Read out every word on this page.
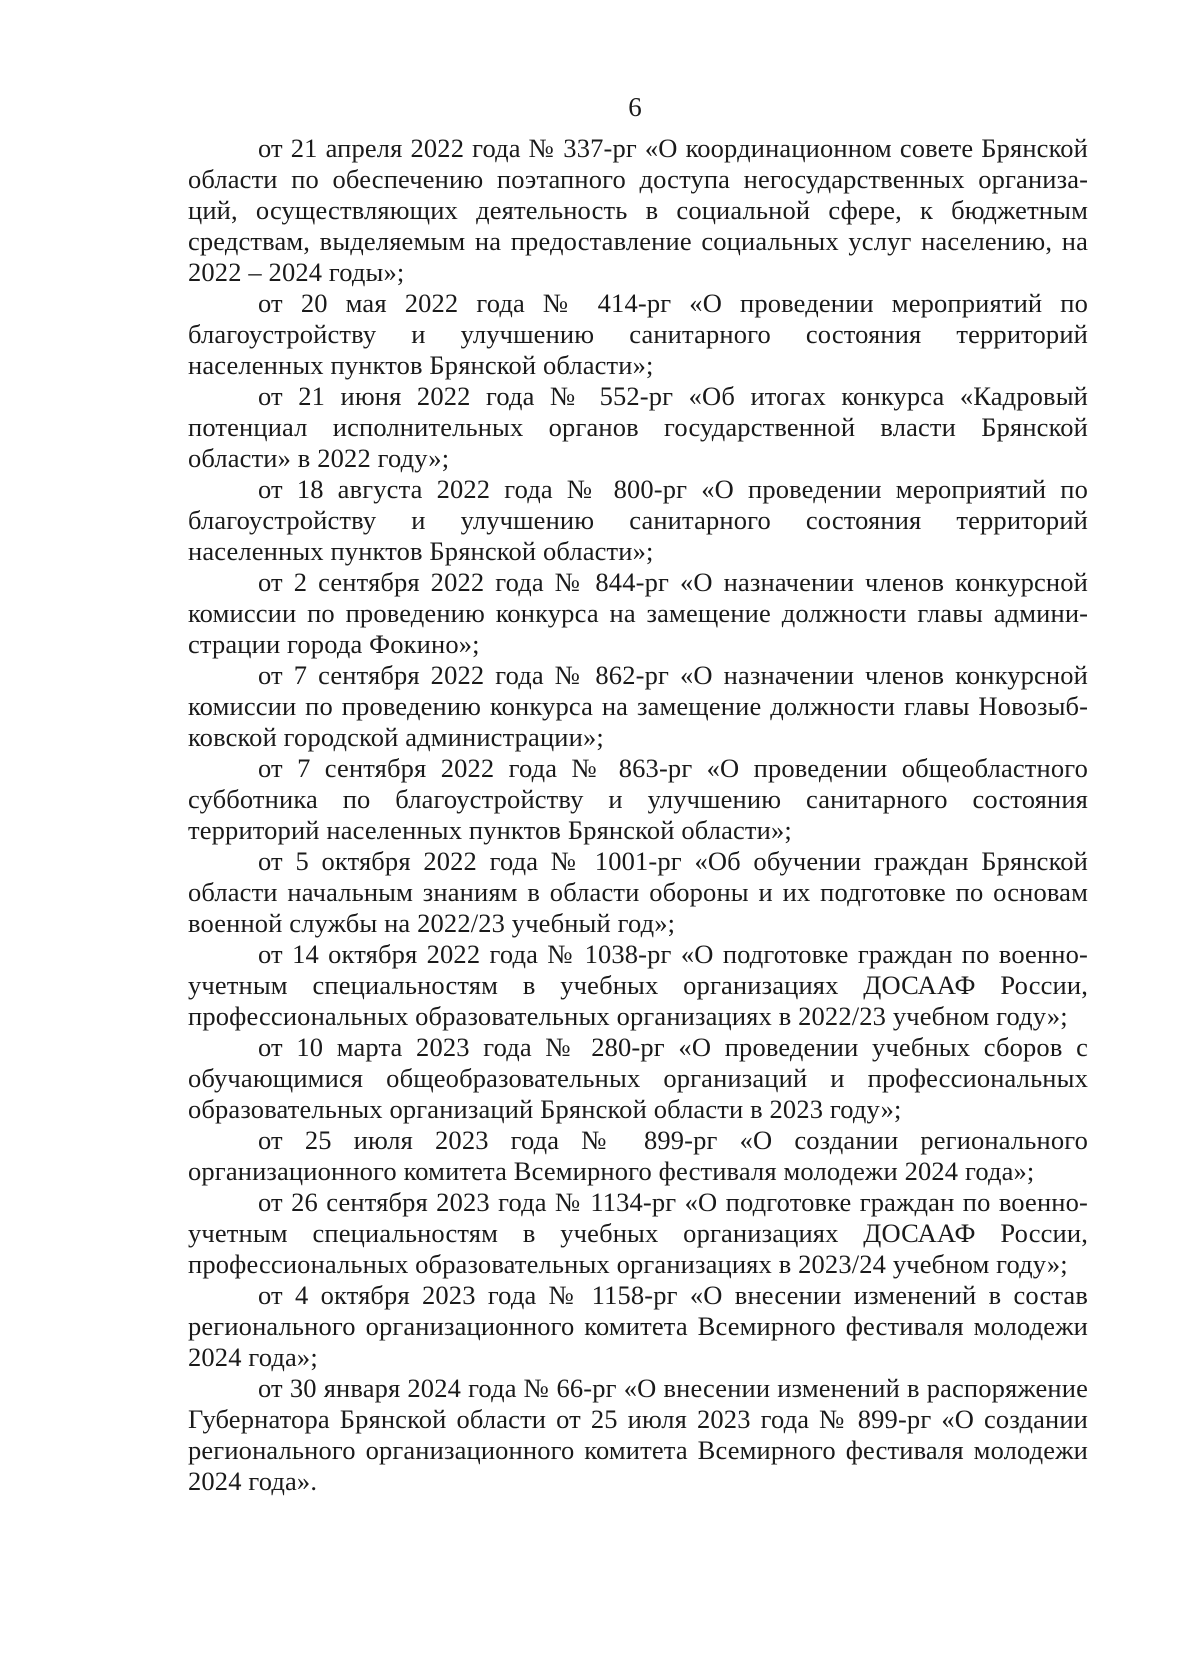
6

от 21 апреля 2022 года № 337-рг «О координационном совете Брянской области по обеспечению поэтапного доступа негосударственных организаций, осуществляющих деятельность в социальной сфере, к бюджетным средствам, выделяемым на предоставление социальных услуг населению, на 2022 – 2024 годы»;

от 20 мая 2022 года № 414-рг «О проведении мероприятий по благоустройству и улучшению санитарного состояния территорий населенных пунктов Брянской области»;

от 21 июня 2022 года № 552-рг «Об итогах конкурса «Кадровый потенциал исполнительных органов государственной власти Брянской области» в 2022 году»;

от 18 августа 2022 года № 800-рг «О проведении мероприятий по благоустройству и улучшению санитарного состояния территорий населенных пунктов Брянской области»;

от 2 сентября 2022 года № 844-рг «О назначении членов конкурсной комиссии по проведению конкурса на замещение должности главы администрации города Фокино»;

от 7 сентября 2022 года № 862-рг «О назначении членов конкурсной комиссии по проведению конкурса на замещение должности главы Новозыбковской городской администрации»;

от 7 сентября 2022 года № 863-рг «О проведении общеобластного субботника по благоустройству и улучшению санитарного состояния территорий населенных пунктов Брянской области»;

от 5 октября 2022 года № 1001-рг «Об обучении граждан Брянской области начальным знаниям в области обороны и их подготовке по основам военной службы на 2022/23 учебный год»;

от 14 октября 2022 года № 1038-рг «О подготовке граждан по военно-учетным специальностям в учебных организациях ДОСААФ России, профессиональных образовательных организациях в 2022/23 учебном году»;

от 10 марта 2023 года № 280-рг «О проведении учебных сборов с обучающимися общеобразовательных организаций и профессиональных образовательных организаций Брянской области в 2023 году»;

от 25 июля 2023 года № 899-рг «О создании регионального организационного комитета Всемирного фестиваля молодежи 2024 года»;

от 26 сентября 2023 года № 1134-рг «О подготовке граждан по военно-учетным специальностям в учебных организациях ДОСААФ России, профессиональных образовательных организациях в 2023/24 учебном году»;

от 4 октября 2023 года № 1158-рг «О внесении изменений в состав регионального организационного комитета Всемирного фестиваля молодежи 2024 года»;

от 30 января 2024 года № 66-рг «О внесении изменений в распоряжение Губернатора Брянской области от 25 июля 2023 года № 899-рг «О создании регионального организационного комитета Всемирного фестиваля молодежи 2024 года».
